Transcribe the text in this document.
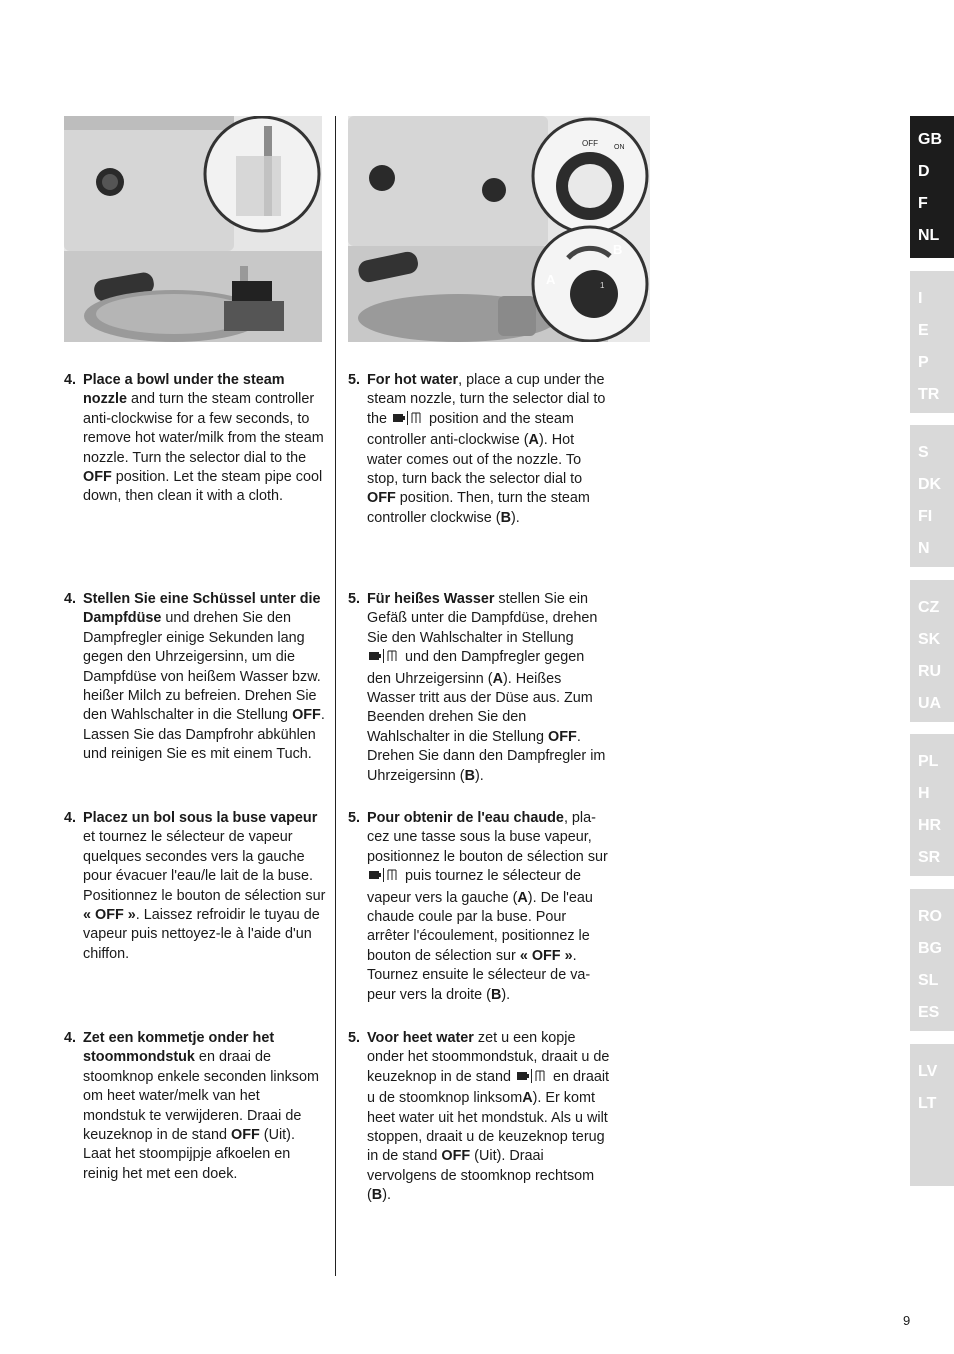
OFF ON
A
B
1
4. Place a bowl under the steam nozzle and turn the steam controller anti-clockwise for a few seconds, to remove hot water/milk from the steam nozzle. Turn the selector dial to the OFF position. Let the steam pipe cool down, then clean it with a cloth.
5. For hot water, place a cup under the steam nozzle, turn the selector dial to the  position and the steam controller anti-clockwise (A). Hot water comes out of the nozzle. To stop, turn back the selector dial to OFF position. Then, turn the steam controller clockwise (B).
4. Stellen Sie eine Schüssel unter die Dampfdüse und drehen Sie den Dampfregler einige Sekunden lang gegen den Uhrzeigersinn, um die Dampfdüse von heißem Wasser bzw. heißer Milch zu befreien. Drehen Sie den Wahlschalter in die Stellung OFF. Lassen Sie das Dampfrohr abkühlen und reinigen Sie es mit einem Tuch.
5. Für heißes Wasser stellen Sie ein Gefäß unter die Dampfdüse, drehen Sie den Wahlschalter in Stellung  und den Dampfregler gegen den Uhrzeigersinn (A). Heißes Wasser tritt aus der Düse aus. Zum Beenden drehen Sie den Wahlschalter in die Stellung OFF. Drehen Sie dann den Dampfregler im Uhrzeigersinn (B).
4. Placez un bol sous la buse vapeur et tournez le sélecteur de vapeur quelques secondes vers la gauche pour évacuer l'eau/le lait de la buse. Positionnez le bouton de sélection sur « OFF ». Laissez refroidir le tuyau de vapeur puis nettoyez-le à l'aide d'un chiffon.
5. Pour obtenir de l'eau chaude, placez une tasse sous la buse vapeur, positionnez le bouton de sélection sur  puis tournez le sélecteur de vapeur vers la gauche (A). De l'eau chaude coule par la buse. Pour arrêter l'écoulement, positionnez le bouton de sélection sur « OFF ». Tournez ensuite le sélecteur de vapeur vers la droite (B).
4. Zet een kommetje onder het stoommondstuk en draai de stoomknop enkele seconden linksom om heet water/melk van het mondstuk te verwijderen. Draai de keuzeknop in de stand OFF (Uit). Laat het stoompijpje afkoelen en reinig het met een doek.
5. Voor heet water zet u een kopje onder het stoommondstuk, draait u de keuzeknop in de stand  en draait u de stoomknop linksomA). Er komt heet water uit het mondstuk. Als u wilt stoppen, draait u de keuzeknop terug in de stand OFF (Uit). Draai vervolgens de stoomknop rechtsom (B).
GB
D
F
NL
I
E
P
TR
S
DK
FI
N
CZ
SK
RU
UA
PL
H
HR
SR
RO
BG
SL
ES
LV
LT
9
